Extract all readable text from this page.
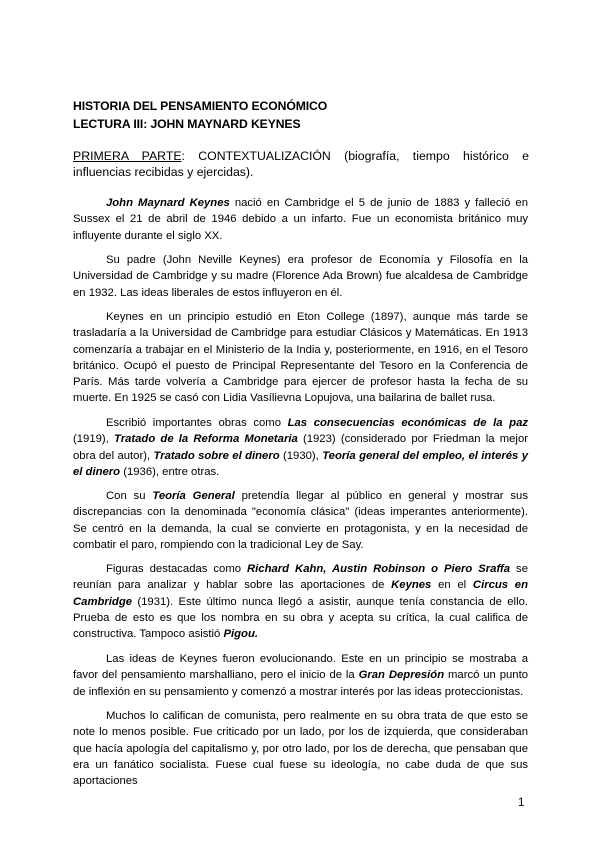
HISTORIA DEL PENSAMIENTO ECONÓMICO
LECTURA III: JOHN MAYNARD KEYNES
PRIMERA PARTE: CONTEXTUALIZACIÓN (biografía, tiempo histórico e influencias recibidas y ejercidas).
John Maynard Keynes nació en Cambridge el 5 de junio de 1883 y falleció en Sussex el 21 de abril de 1946 debido a un infarto. Fue un economista británico muy influyente durante el siglo XX.
Su padre (John Neville Keynes) era profesor de Economía y Filosofía en la Universidad de Cambridge y su madre (Florence Ada Brown) fue alcaldesa de Cambridge en 1932. Las ideas liberales de estos influyeron en él.
Keynes en un principio estudió en Eton College (1897), aunque más tarde se trasladaría a la Universidad de Cambridge para estudiar Clásicos y Matemáticas. En 1913 comenzaría a trabajar en el Ministerio de la India y, posteriormente, en 1916, en el Tesoro británico. Ocupó el puesto de Principal Representante del Tesoro en la Conferencia de París. Más tarde volvería a Cambridge para ejercer de profesor hasta la fecha de su muerte. En 1925 se casó con Lidia Vasílievna Lopujova, una bailarina de ballet rusa.
Escribió importantes obras como Las consecuencias económicas de la paz (1919), Tratado de la Reforma Monetaria (1923) (considerado por Friedman la mejor obra del autor), Tratado sobre el dinero (1930), Teoría general del empleo, el interés y el dinero (1936), entre otras.
Con su Teoría General pretendía llegar al público en general y mostrar sus discrepancias con la denominada "economía clásica" (ideas imperantes anteriormente). Se centró en la demanda, la cual se convierte en protagonista, y en la necesidad de combatir el paro, rompiendo con la tradicional Ley de Say.
Figuras destacadas como Richard Kahn, Austin Robinson o Piero Sraffa se reunían para analizar y hablar sobre las aportaciones de Keynes en el Circus en Cambridge (1931). Este último nunca llegó a asistir, aunque tenía constancia de ello. Prueba de esto es que los nombra en su obra y acepta su crítica, la cual califica de constructiva. Tampoco asistió Pigou.
Las ideas de Keynes fueron evolucionando. Este en un principio se mostraba a favor del pensamiento marshalliano, pero el inicio de la Gran Depresión marcó un punto de inflexión en su pensamiento y comenzó a mostrar interés por las ideas proteccionistas.
Muchos lo califican de comunista, pero realmente en su obra trata de que esto se note lo menos posible. Fue criticado por un lado, por los de izquierda, que consideraban que hacía apología del capitalismo y, por otro lado, por los de derecha, que pensaban que era un fanático socialista. Fuese cual fuese su ideología, no cabe duda de que sus aportaciones
1
